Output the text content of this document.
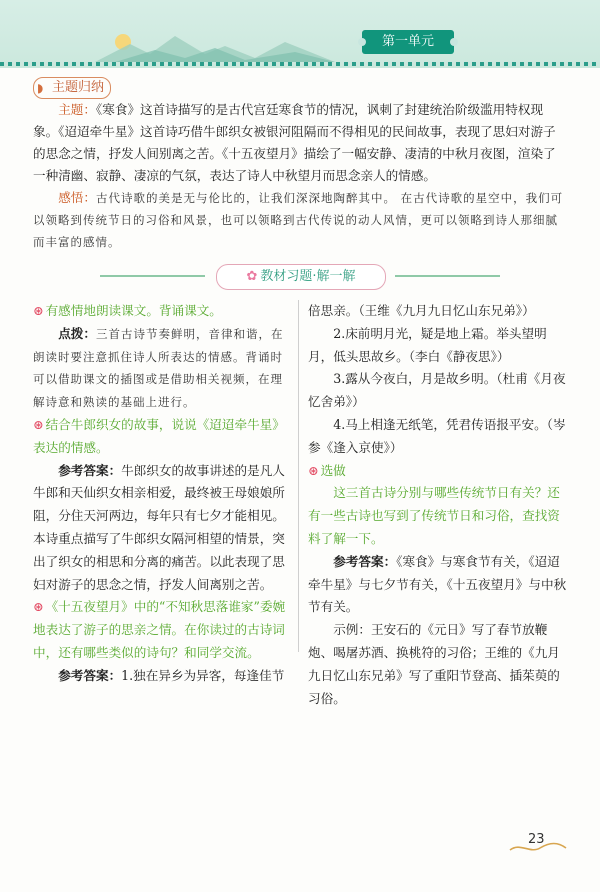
第一单元
◗ 主题归纳

主题：《寒食》这首诗描写的是古代宫廷寒食节的情况，讽刺了封建统治阶级滥用特权现象。《迢迢牵牛星》这首诗巧借牛郎织女被银河阻隔而不得相见的民间故事，表现了思妇对游子的思念之情，抒发人间别离之苦。《十五夜望月》描绘了一幅安静、凄清的中秋月夜图，渲染了一种清幽、寂静、凄凉的气氛，表达了诗人中秋望月而思念亲人的情感。

感悟：古代诗歌的美是无与伦比的，让我们深深地陶醉其中。 在古代诗歌的星空中，我们可以领略到传统节日的习俗和风景，也可以领略到古代传说的动人风情，更可以领略到诗人那细腻而丰富的感情。

✿ 教材习题·解一解

⊛ 有感情地朗读课文。背诵课文。

点拨：三首古诗节奏鲜明，音律和谐，在朗读时要注意抓住诗人所表达的情感。背诵时可以借助课文的插图或是借助相关视频，在理解诗意和熟读的基础上进行。

⊛ 结合牛郎织女的故事，说说《迢迢牵牛星》表达的情感。

参考答案：牛郎织女的故事讲述的是凡人牛郎和天仙织女相亲相爱，最终被王母娘娘所阻，分住天河两边，每年只有七夕才能相见。本诗重点描写了牛郎织女隔河相望的情景，突出了织女的相思和分离的痛苦。以此表现了思妇对游子的思念之情，抒发人间离别之苦。

⊛ 《十五夜望月》中的“不知秋思落谁家”委婉地表达了游子的思亲之情。在你读过的古诗词中，还有哪些类似的诗句？和同学交流。

参考答案：1.独在异乡为异客，每逢佳节

倍思亲。（王维《九月九日忆山东兄弟》）

2.床前明月光，疑是地上霜。举头望明月，低头思故乡。（李白《静夜思》）

3.露从今夜白，月是故乡明。（杜甫《月夜忆舍弟》）

4.马上相逢无纸笔，凭君传语报平安。（岑参《逢入京使》）

⊛ 选做

这三首古诗分别与哪些传统节日有关？还有一些古诗也写到了传统节日和习俗，查找资料了解一下。

参考答案：《寒食》与寒食节有关，《迢迢牵牛星》与七夕节有关，《十五夜望月》与中秋节有关。

示例：王安石的《元日》写了春节放鞭炮、喝屠苏酒、换桃符的习俗；王维的《九月九日忆山东兄弟》写了重阳节登高、插茱萸的习俗。

23
